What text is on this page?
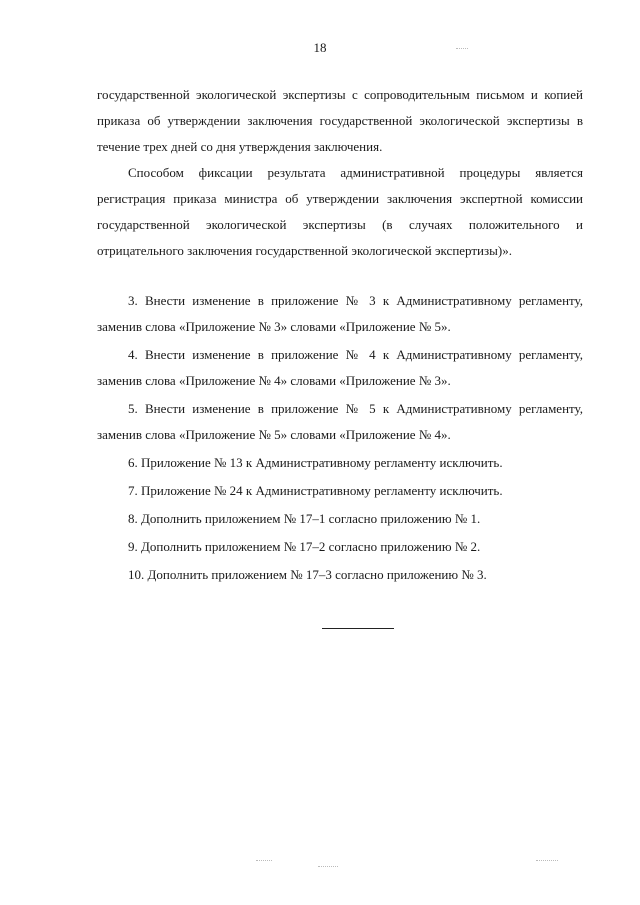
18

государственной экологической экспертизы с сопроводительным письмом и копией приказа об утверждении заключения государственной экологической экспертизы в течение трех дней со дня утверждения заключения.

Способом фиксации результата административной процедуры является регистрация приказа министра об утверждении заключения экспертной комиссии государственной экологической экспертизы (в случаях положительного и отрицательного заключения государственной экологической экспертизы)».

3. Внести изменение в приложение № 3 к Административному регламенту, заменив слова «Приложение № 3» словами «Приложение № 5».

4. Внести изменение в приложение № 4 к Административному регламенту, заменив слова «Приложение № 4» словами «Приложение № 3».

5. Внести изменение в приложение № 5 к Административному регламенту, заменив слова «Приложение № 5» словами «Приложение № 4».

6. Приложение № 13 к Административному регламенту исключить.

7. Приложение № 24 к Административному регламенту исключить.

8. Дополнить приложением № 17–1 согласно приложению № 1.

9. Дополнить приложением № 17–2 согласно приложению № 2.

10. Дополнить приложением № 17–3 согласно приложению № 3.
